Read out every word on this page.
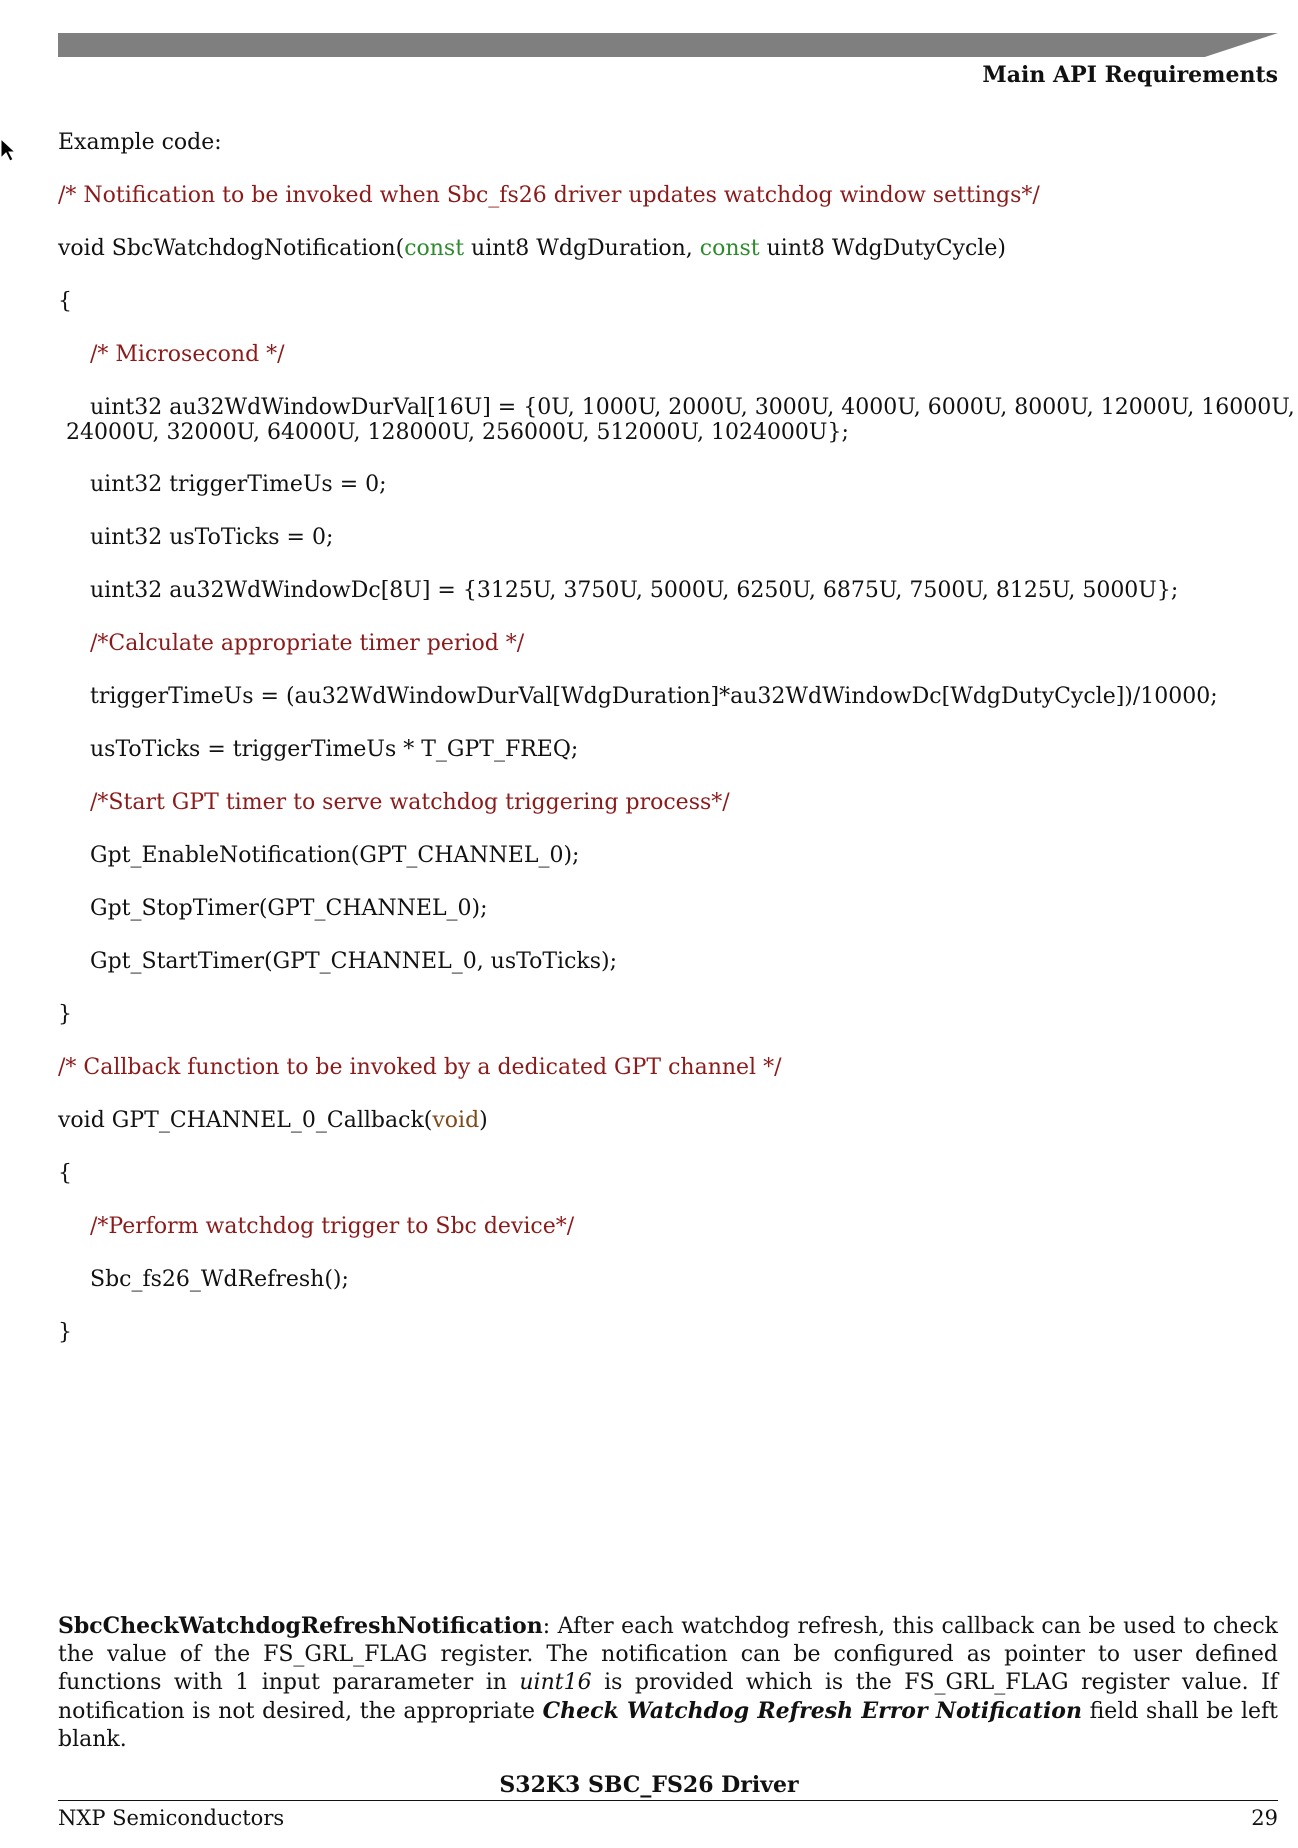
Main API Requirements
Example code:
/* Notification to be invoked when Sbc_fs26 driver updates watchdog window settings*/
void SbcWatchdogNotification(const uint8 WdgDuration, const uint8 WdgDutyCycle)
{
/* Microsecond */
uint32 au32WdWindowDurVal[16U] = {0U, 1000U, 2000U, 3000U, 4000U, 6000U, 8000U, 12000U, 16000U,
24000U, 32000U, 64000U, 128000U, 256000U, 512000U, 1024000U};
uint32 triggerTimeUs = 0;
uint32 usToTicks = 0;
uint32 au32WdWindowDc[8U] = {3125U, 3750U, 5000U, 6250U, 6875U, 7500U, 8125U, 5000U};
/*Calculate appropriate timer period */
triggerTimeUs = (au32WdWindowDurVal[WdgDuration]*au32WdWindowDc[WdgDutyCycle])/10000;
usToTicks = triggerTimeUs * T_GPT_FREQ;
/*Start GPT timer to serve watchdog triggering process*/
Gpt_EnableNotification(GPT_CHANNEL_0);
Gpt_StopTimer(GPT_CHANNEL_0);
Gpt_StartTimer(GPT_CHANNEL_0, usToTicks);
}
/* Callback function to be invoked by a dedicated GPT channel */
void GPT_CHANNEL_0_Callback(void)
{
/*Perform watchdog trigger to Sbc device*/
Sbc_fs26_WdRefresh();
}
SbcCheckWatchdogRefreshNotification: After each watchdog refresh, this callback can be used to check the value of the FS_GRL_FLAG register. The notification can be configured as pointer to user defined functions with 1 input pararameter in uint16 is provided which is the FS_GRL_FLAG register value. If notification is not desired, the appropriate Check Watchdog Refresh Error Notification field shall be left blank.
S32K3 SBC_FS26 Driver
NXP Semiconductors	29
